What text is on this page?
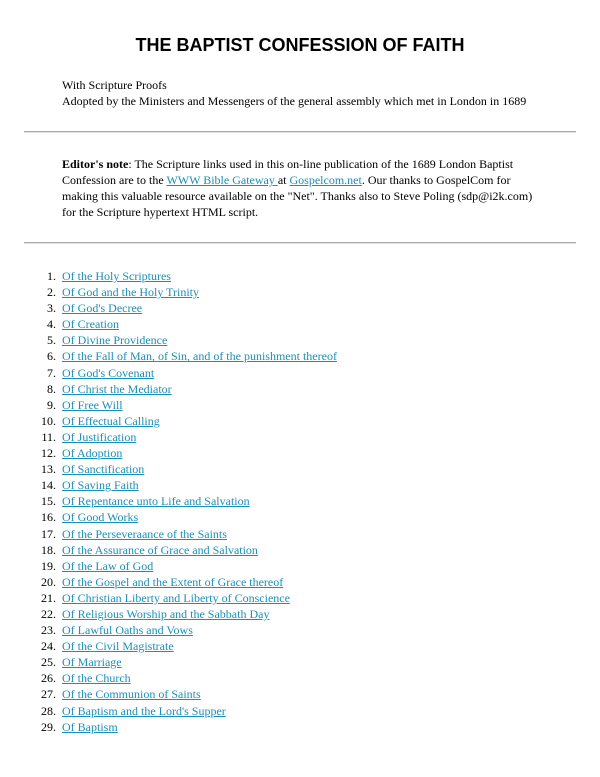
THE BAPTIST CONFESSION OF FAITH
With Scripture Proofs
Adopted by the Ministers and Messengers of the general assembly which met in London in 1689
Editor's note: The Scripture links used in this on-line publication of the 1689 London Baptist Confession are to the WWW Bible Gateway at Gospelcom.net. Our thanks to GospelCom for making this valuable resource available on the "Net". Thanks also to Steve Poling (sdp@i2k.com) for the Scripture hypertext HTML script.
1. Of the Holy Scriptures
2. Of God and the Holy Trinity
3. Of God's Decree
4. Of Creation
5. Of Divine Providence
6. Of the Fall of Man, of Sin, and of the punishment thereof
7. Of God's Covenant
8. Of Christ the Mediator
9. Of Free Will
10. Of Effectual Calling
11. Of Justification
12. Of Adoption
13. Of Sanctification
14. Of Saving Faith
15. Of Repentance unto Life and Salvation
16. Of Good Works
17. Of the Perseveraance of the Saints
18. Of the Assurance of Grace and Salvation
19. Of the Law of God
20. Of the Gospel and the Extent of Grace thereof
21. Of Christian Liberty and Liberty of Conscience
22. Of Religious Worship and the Sabbath Day
23. Of Lawful Oaths and Vows
24. Of the Civil Magistrate
25. Of Marriage
26. Of the Church
27. Of the Communion of Saints
28. Of Baptism and the Lord's Supper
29. Of Baptism
